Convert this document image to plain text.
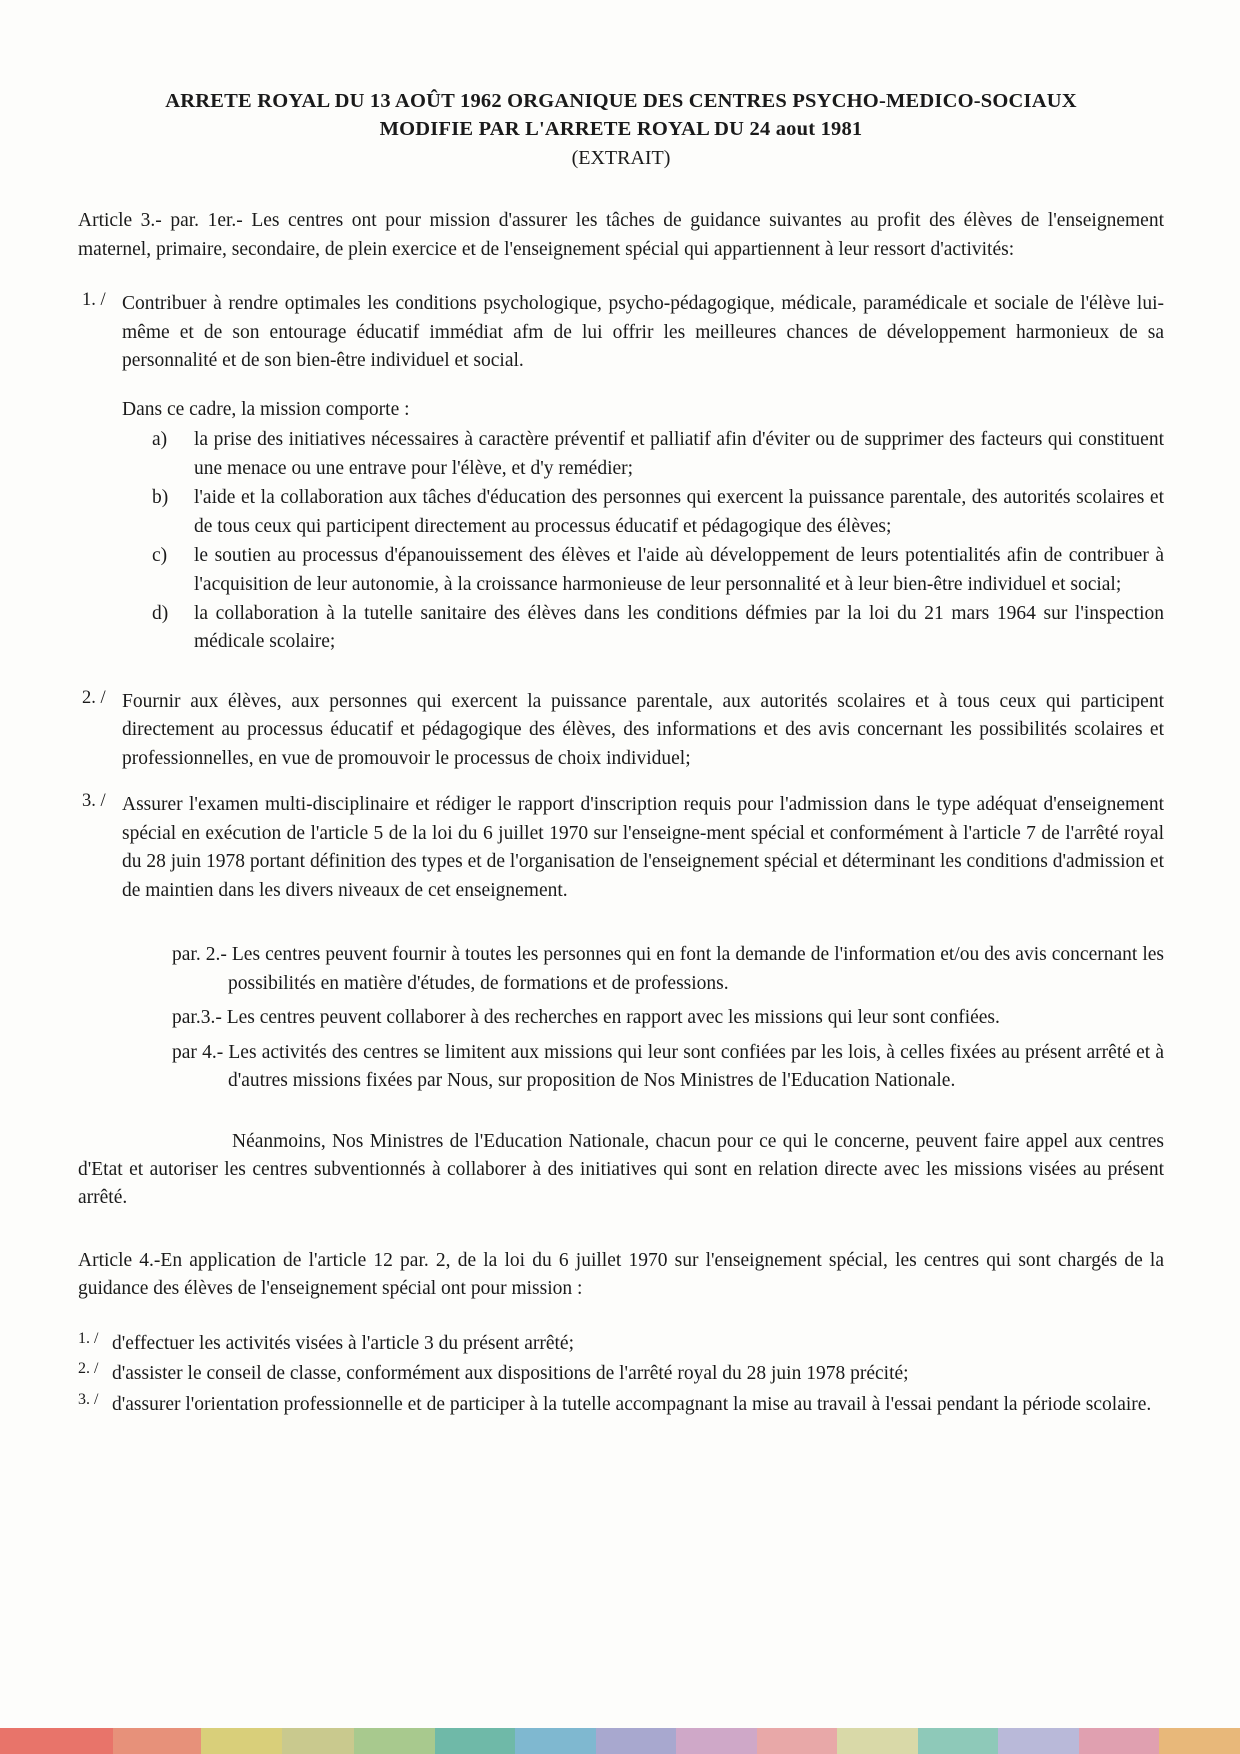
ARRETE ROYAL DU 13 AOÛT 1962 ORGANIQUE DES CENTRES PSYCHO-MEDICO-SOCIAUX
MODIFIE PAR L'ARRETE ROYAL DU 24 aout 1981
(EXTRAIT)

Article 3.- par. 1er.- Les centres ont pour mission d'assurer les tâches de guidance suivantes au profit des élèves de l'enseignement maternel, primaire, secondaire, de plein exercice et de l'enseignement spécial qui appartiennent à leur ressort d'activités:

1. / Contribuer à rendre optimales les conditions psychologique, psycho-pédagogique, médicale, paramédicale et sociale de l'élève lui-même et de son entourage éducatif immédiat afm de lui offrir les meilleures chances de développement harmonieux de sa personnalité et de son bien-être individuel et social.
Dans ce cadre, la mission comporte :
a)	la prise des initiatives nécessaires à caractère préventif et palliatif afin d'éviter ou de supprimer des facteurs qui constituent une menace ou une entrave pour l'élève, et d'y remédier;
b)	l'aide et la collaboration aux tâches d'éducation des personnes qui exercent la puissance parentale, des autorités scolaires et de tous ceux qui participent directement au processus éducatif et pédagogique des élèves;
c)	le soutien au processus d'épanouissement des élèves et l'aide aù développement de leurs potentialités afin de contribuer à l'acquisition de leur autonomie, à la croissance harmonieuse de leur personnalité et à leur bien-être individuel et social;
d)	la collaboration à la tutelle sanitaire des élèves dans les conditions défmies par la loi du 21 mars 1964 sur l'inspection médicale scolaire;
2. / Fournir aux élèves, aux personnes qui exercent la puissance parentale, aux autorités scolaires et à tous ceux qui participent directement au processus éducatif et pédagogique des élèves, des informations et des avis concernant les possibilités scolaires et professionnelles, en vue de promouvoir le processus de choix individuel;
3. / Assurer l'examen multi-disciplinaire et rédiger le rapport d'inscription requis pour l'admission dans le type adéquat d'enseignement spécial en exécution de l'article 5 de la loi du 6 juillet 1970 sur l'enseigne-ment spécial et conformément à l'article 7 de l'arrêté royal du 28 juin 1978 portant définition des types et de l'organisation de l'enseignement spécial et déterminant les conditions d'admission et de maintien dans les divers niveaux de cet enseignement.
par. 2.- Les centres peuvent fournir à toutes les personnes qui en font la demande de l'information et/ou des avis concernant les possibilités en matière d'études, de formations et de professions.
par.3.- Les centres peuvent collaborer à des recherches en rapport avec les missions qui leur sont confiées.
par 4.- Les activités des centres se limitent aux missions qui leur sont confiées par les lois, à celles fixées au présent arrêté et à d'autres missions fixées par Nous, sur proposition de Nos Ministres de l'Education Nationale.

Néanmoins, Nos Ministres de l'Education Nationale, chacun pour ce qui le concerne, peuvent faire appel aux centres d'Etat et autoriser les centres subventionnés à collaborer à des initiatives qui sont en relation directe avec les missions visées au présent arrêté.

Article 4.-En application de l'article 12 par. 2, de la loi du 6 juillet 1970 sur l'enseignement spécial, les centres qui sont chargés de la guidance des élèves de l'enseignement spécial ont pour mission :

1. / d'effectuer les activités visées à l'article 3 du présent arrêté;
2. / d'assister le conseil de classe, conformément aux dispositions de l'arrêté royal du 28 juin 1978 précité;
3. / d'assurer l'orientation professionnelle et de participer à la tutelle accompagnant la mise au travail à l'essai pendant la période scolaire.
